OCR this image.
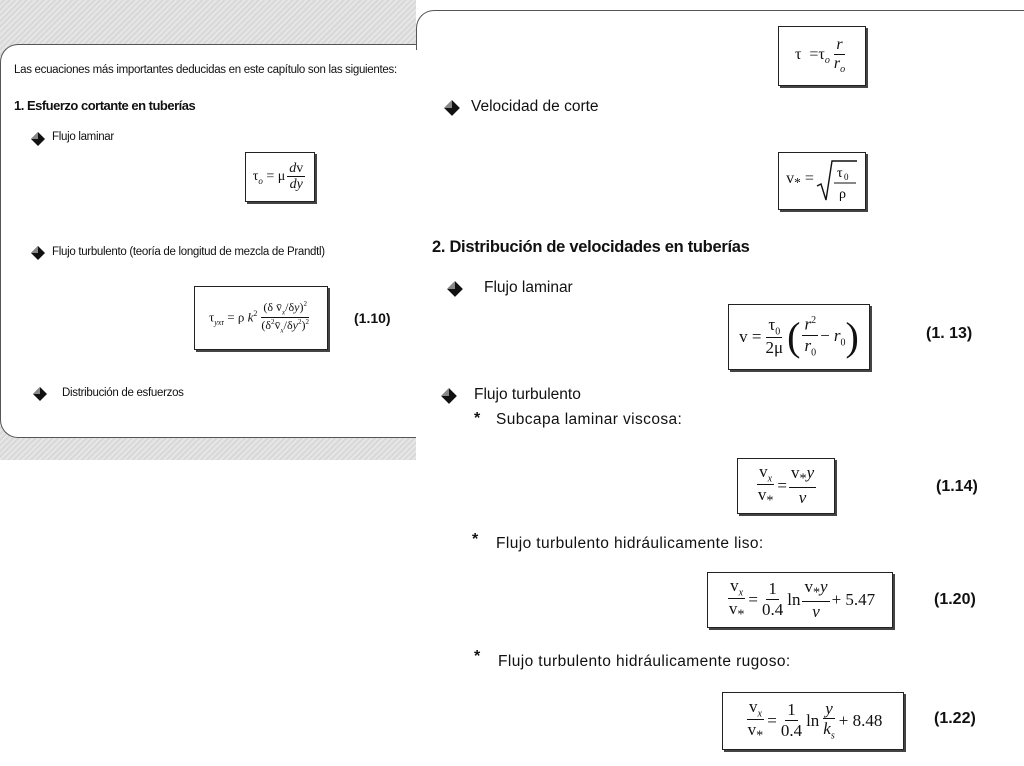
Las ecuaciones más importantes deducidas en este capítulo son las siguientes:
1. Esfuerzo cortante en tuberías
Flujo laminar
$\tau_o = \mu \frac{dv}{dy}$
Flujo turbulento (teoría de longitud de mezcla de Prandtl)
$\tau_{yxr} = \rho$ $k^2 \frac{(\delta v̄_x/\delta y)^2}{(\delta^2v̄_x/\delta y^2)^2}$	(1.10)
Distribución de esfuerzos
$\tau =\tau_o \frac{r}{r_o}$
Velocidad de corte
$v_* = \tau$ 0
ρ
2. Distribución de velocidades en tuberías
Flujo laminar
$v = \frac{\tau_0}{2\mu}$ ( $\frac{r^2}{r_0} - r_0$ )	(1. 13)
Flujo turbulento
* Subcapa laminar viscosa:
$\frac{v_x}{v_*} = \frac{v_*y}{\nu}$	(1.14)
* Flujo turbulento hidráulicamente liso:
$\frac{v_x}{v_*} = \frac{1}{0.4}$ $\ln \frac{v_*y}{\nu} + 5.47$	(1.20)
* Flujo turbulento hidráulicamente rugoso:
$\frac{v_x}{v_*} = \frac{1}{0.4}$ $\ln \frac{y}{k_s} + 8.48$	(1.22)
